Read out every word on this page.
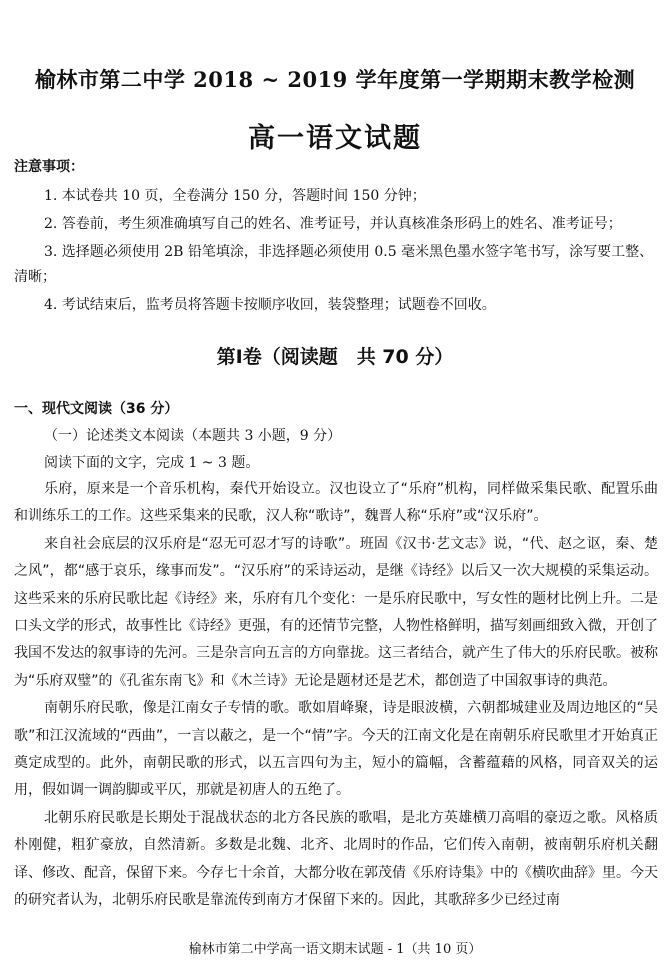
榆林市第二中学 2018 ~ 2019 学年度第一学期期末教学检测
高一语文试题
注意事项：
1. 本试卷共 10 页，全卷满分 150 分，答题时间 150 分钟；
2. 答卷前，考生须准确填写自己的姓名、准考证号，并认真核准条形码上的姓名、准考证号；
3. 选择题必须使用 2B 铅笔填涂，非选择题必须使用 0.5 毫米黑色墨水签字笔书写，涂写要工整、清晰；
4. 考试结束后，监考员将答题卡按顺序收回，装袋整理；试题卷不回收。
第Ⅰ卷（阅读题　共 70 分）
一、现代文阅读（36 分）
（一）论述类文本阅读（本题共 3 小题，9 分）
阅读下面的文字，完成 1 ~ 3 题。

乐府，原来是一个音乐机构，秦代开始设立。汉也设立了“乐府”机构，同样做采集民歌、配置乐曲和训练乐工的工作。这些采集来的民歌，汉人称“歌诗”，魏晋人称“乐府”或“汉乐府”。

来自社会底层的汉乐府是“忍无可忍才写的诗歌”。班固《汉书·艺文志》说，“代、赵之讴，秦、楚之风”，都“感于哀乐，缘事而发”。“汉乐府”的采诗运动，是继《诗经》以后又一次大规模的采集运动。这些采来的乐府民歌比起《诗经》来，乐府有几个变化：一是乐府民歌中，写女性的题材比例上升。二是口头文学的形式，故事性比《诗经》更强，有的还情节完整，人物性格鲜明，描写刻画细致入微，开创了我国不发达的叙事诗的先河。三是杂言向五言的方向靠拢。这三者结合，就产生了伟大的乐府民歌。被称为“乐府双璧”的《孔雀东南飞》和《木兰诗》无论是题材还是艺术，都创造了中国叙事诗的典范。

南朝乐府民歌，像是江南女子专情的歌。歌如眉峰聚，诗是眼波横，六朝都城建业及周边地区的“吴歌”和江汉流域的“西曲”，一言以蔽之，是一个“情”字。今天的江南文化是在南朝乐府民歌里才开始真正奠定成型的。此外，南朝民歌的形式，以五言四句为主，短小的篇幅，含蓄蕴藉的风格，同音双关的运用，假如调一调韵脚或平仄，那就是初唐人的五绝了。

北朝乐府民歌是长期处于混战状态的北方各民族的歌唱，是北方英雄横刀高唱的豪迈之歌。风格质朴刚健，粗犷豪放，自然清新。多数是北魏、北齐、北周时的作品，它们传入南朝，被南朝乐府机关翻译、修改、配音，保留下来。今存七十余首，大都分收在郭茂倩《乐府诗集》中的《横吹曲辞》里。今天的研究者认为，北朝乐府民歌是靠流传到南方才保留下来的。因此，其歌辞多少已经过南

榆林市第二中学高一语文期末试题 - 1（共 10 页）
